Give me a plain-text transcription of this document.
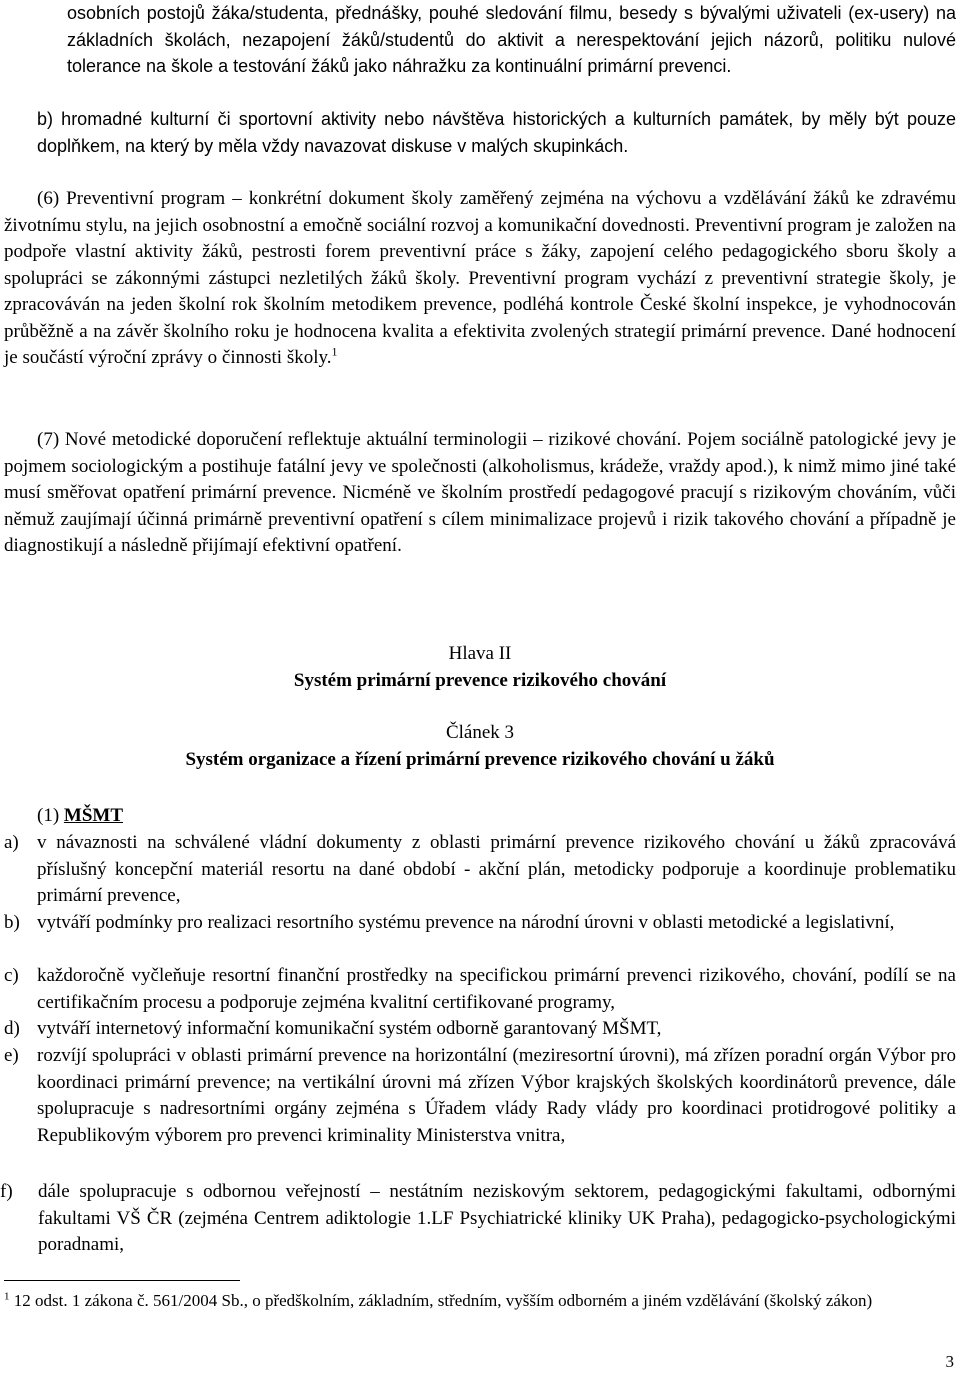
osobních postojů žáka/studenta, přednášky, pouhé sledování filmu, besedy s bývalými uživateli (ex-usery) na základních školách, nezapojení žáků/studentů do aktivit a nerespektování jejich názorů, politiku nulové tolerance na škole a testování žáků jako náhražku za kontinuální primární prevenci.

b) hromadné kulturní či sportovní aktivity nebo návštěva historických a kulturních památek, by měly být pouze doplňkem, na který by měla vždy navazovat diskuse v malých skupinkách.

(6) Preventivní program – konkrétní dokument školy zaměřený zejména na výchovu a vzdělávání žáků ke zdravému životnímu stylu, na jejich osobnostní a emočně sociální rozvoj a komunikační dovednosti. Preventivní program je založen na podpoře vlastní aktivity žáků, pestrosti forem preventivní práce s žáky, zapojení celého pedagogického sboru školy a spolupráci se zákonnými zástupci nezletilých žáků školy. Preventivní program vychází z preventivní strategie školy, je zpracováván na jeden školní rok školním metodikem prevence, podléhá kontrole České školní inspekce, je vyhodnocován průběžně a na závěr školního roku je hodnocena kvalita a efektivita zvolených strategií primární prevence. Dané hodnocení je součástí výroční zprávy o činnosti školy.$^1$

(7) Nové metodické doporučení reflektuje aktuální terminologii – rizikové chování. Pojem sociálně patologické jevy je pojmem sociologickým a postihuje fatální jevy ve společnosti (alkoholismus, krádeže, vraždy apod.), k nimž mimo jiné také musí směřovat opatření primární prevence. Nicméně ve školním prostředí pedagogové pracují s rizikovým chováním, vůči němuž zaujímají účinná primárně preventivní opatření s cílem minimalizace projevů i rizik takového chování a případně je diagnostikují a následně přijímají efektivní opatření.

Hlava II

Systém primární prevence rizikového chování

Článek 3

Systém organizace a řízení primární prevence rizikového chování u žáků

(1) MŠMT

a) v návaznosti na schválené vládní dokumenty z oblasti primární prevence rizikového chování u žáků zpracovává příslušný koncepční materiál resortu na dané období - akční plán, metodicky podporuje a koordinuje problematiku primární prevence,
b) vytváří podmínky pro realizaci resortního systému prevence na národní úrovni v oblasti metodické a legislativní,
c) každoročně vyčleňuje resortní finanční prostředky na specifickou primární prevenci rizikového, chování, podílí se na certifikačním procesu a podporuje zejména kvalitní certifikované programy,
d) vytváří internetový informační komunikační systém odborně garantovaný MŠMT,
e) rozvíjí spolupráci v oblasti primární prevence na horizontální (meziresortní úrovni), má zřízen poradní orgán Výbor pro koordinaci primární prevence; na vertikální úrovni má zřízen Výbor krajských školských koordinátorů prevence, dále spolupracuje s nadresortními orgány zejména s Úřadem vlády Rady vlády pro koordinaci protidrogové politiky a Republikovým výborem pro prevenci kriminality Ministerstva vnitra,
f)	dále spolupracuje s odbornou veřejností – nestátním neziskovým sektorem, pedagogickými fakultami, odbornými fakultami VŠ ČR (zejména Centrem adiktologie 1.LF Psychiatrické kliniky UK Praha), pedagogicko-psychologickými poradnami,

$^1$ 12 odst. 1 zákona č. 561/2004 Sb., o předškolním, základním, středním, vyšším odborném a jiném vzdělávání (školský zákon)

3
